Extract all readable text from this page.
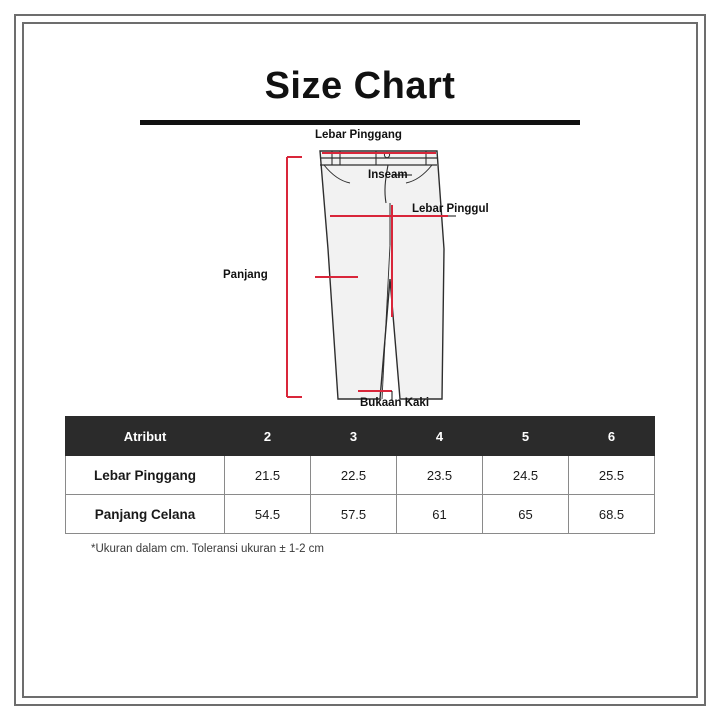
Size Chart
Lebar Pinggang
Inseam
Lebar Pinggul
Panjang
Bukaan Kaki
Atribut	2	3	4	5	6
Lebar Pinggang	21.5	22.5	23.5	24.5	25.5
Panjang Celana	54.5	57.5	61	65	68.5
*Ukuran dalam cm. Toleransi ukuran ± 1-2 cm
